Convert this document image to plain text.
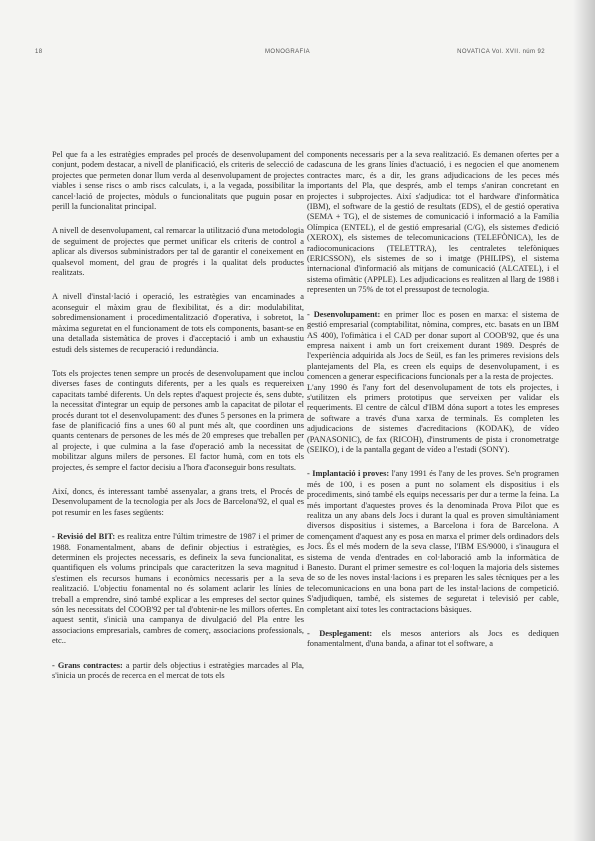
18	MONOGRAFIA	NOVATICA Vol. XVII. núm 92

Pel que fa a les estratègies emprades pel procés de desenvolupament del conjunt, podem destacar, a nivell de planificació, els criteris de selecció de projectes que permeten donar llum verda al desenvolupament de projectes viables i sense riscs o amb riscs calculats, i, a la vegada, possibilitar la cancel·lació de projectes, mòduls o funcionalitats que puguin posar en perill la funcionalitat principal.

A nivell de desenvolupament, cal remarcar la utilització d'una metodologia de seguiment de projectes que permet unificar els criteris de control a aplicar als diversos subministradors per tal de garantir el coneixement en qualsevol moment, del grau de progrés i la qualitat dels productes realitzats.

A nivell d'instal·lació i operació, les estratègies van encaminades a aconseguir el màxim grau de flexibilitat, és a dir: modulabilitat, sobredimensionament i procedimentalització d'operativa, i sobretot, la màxima seguretat en el funcionament de tots els components, basant-se en una detallada sistemàtica de proves i d'acceptació i amb un exhaustiu estudi dels sistemes de recuperació i redundància.

Tots els projectes tenen sempre un procés de desenvolupament que inclou diverses fases de continguts diferents, per a les quals es requereixen capacitats també diferents. Un dels reptes d'aquest projecte és, sens dubte, la necessitat d'integrar un equip de persones amb la capacitat de pilotar el procés durant tot el desenvolupament: des d'unes 5 persones en la primera fase de planificació fins a unes 60 al punt més alt, que coordinen uns quants centenars de persones de les més de 20 empreses que treballen per al projecte, i que culmina a la fase d'operació amb la necessitat de mobilitzar alguns milers de persones. El factor humà, com en tots els projectes, és sempre el factor decisiu a l'hora d'aconseguir bons resultats.

Així, doncs, és interessant també assenyalar, a grans trets, el Procés de Desenvolupament de la tecnologia per als Jocs de Barcelona'92, el qual es pot resumir en les fases següents:

- Revisió del BIT: es realitza entre l'últim trimestre de 1987 i el primer de 1988. Fonamentalment, abans de definir objectius i estratègies, es determinen els projectes necessaris, es defineix la seva funcionalitat, es quantifiquen els volums principals que caracteritzen la seva magnitud i s'estimen els recursos humans i econòmics necessaris per a la seva realització. L'objectiu fonamental no és solament aclarir les línies de treball a emprendre, sinó també explicar a les empreses del sector quines són les necessitats del COOB'92 per tal d'obtenir-ne les millors ofertes. En aquest sentit, s'inicià una campanya de divulgació del Pla entre les associacions empresarials, cambres de comerç, associacions professionals, etc..

- Grans contractes: a partir dels objectius i estratègies marcades al Pla, s'inicia un procés de recerca en el mercat de tots els

components necessaris per a la seva realització. Es demanen ofertes per a cadascuna de les grans línies d'actuació, i es negocien el que anomenem contractes marc, és a dir, les grans adjudicacions de les peces més importants del Pla, que després, amb el temps s'aniran concretant en projectes i subprojectes. Així s'adjudica: tot el hardware d'informàtica (IBM), el software de la gestió de resultats (EDS), el de gestió operativa (SEMA + TG), el de sistemes de comunicació i informació a la Família Olímpica (ENTEL), el de gestió empresarial (C/G), els sistemes d'edició (XEROX), els sistemes de telecomunicacions (TELEFÒNICA), les de radiocomunicacions (TELETTRA), les centraletes telefòniques (ERICSSON), els sistemes de so i imatge (PHILIPS), el sistema internacional d'informació als mitjans de comunicació (ALCATEL), i el sistema ofimàtic (APPLE). Les adjudicacions es realitzen al llarg de 1988 i representen un 75% de tot el pressupost de tecnologia.

- Desenvolupament: en primer lloc es posen en marxa: el sistema de gestió empresarial (comptabilitat, nòmina, compres, etc. basats en un IBM AS 400), l'ofimàtica i el CAD per donar suport al COOB'92, que és una empresa naixent i amb un fort creixement durant 1989. Després de l'experiència adquirida als Jocs de Seül, es fan les primeres revisions dels plantejaments del Pla, es creen els equips de desenvolupament, i es comencen a generar especificacions funcionals per a la resta de projectes.
L'any 1990 és l'any fort del desenvolupament de tots els projectes, i s'utilitzen els primers prototipus que serveixen per validar els requeriments. El centre de càlcul d'IBM dóna suport a totes les empreses de software a través d'una xarxa de terminals. Es completen les adjudicacions de sistemes d'acreditacions (KODAK), de vídeo (PANASONIC), de fax (RICOH), d'instruments de pista i cronometratge (SEIKO), i de la pantalla gegant de vídeo a l'estadi (SONY).

- Implantació i proves: l'any 1991 és l'any de les proves. Se'n programen més de 100, i es posen a punt no solament els dispositius i els procediments, sinó també els equips necessaris per dur a terme la feina. La més important d'aquestes proves és la denominada Prova Pilot que es realitza un any abans dels Jocs i durant la qual es proven simultàniament diversos dispositius i sistemes, a Barcelona i fora de Barcelona. A començament d'aquest any es posa en marxa el primer dels ordinadors dels Jocs. És el més modern de la seva classe, l'IBM ES/9000, i s'inaugura el sistema de venda d'entrades en col·laboració amb la informàtica de Banesto. Durant el primer semestre es col·loquen la majoria dels sistemes de so de les noves instal·lacions i es preparen les sales tècniques per a les telecomunicacions en una bona part de les instal·lacions de competició. S'adjudiquen, també, els sistemes de seguretat i televisió per cable, completant així totes les contractacions bàsiques.

- Desplegament: els mesos anteriors als Jocs es dediquen fonamentalment, d'una banda, a afinar tot el software, a
